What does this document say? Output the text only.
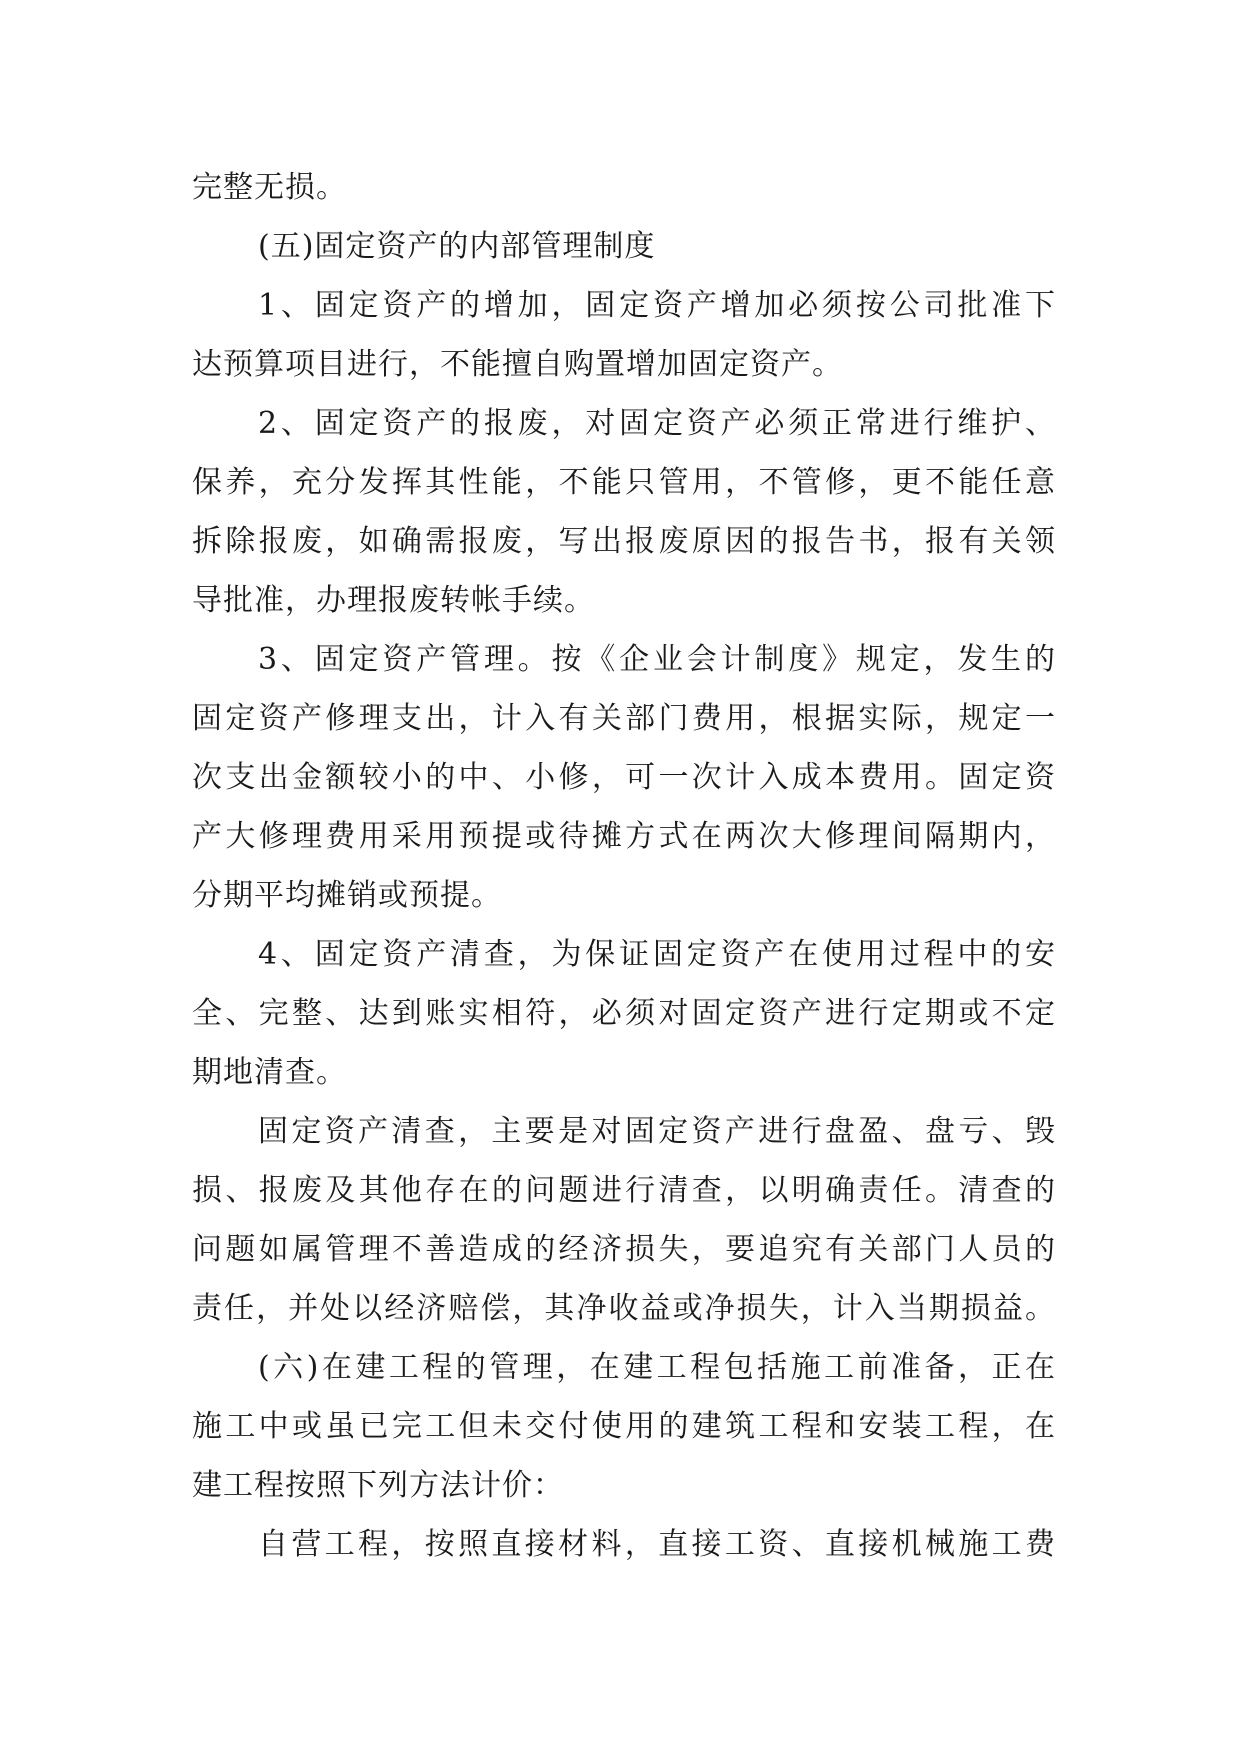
完整无损。
(五)固定资产的内部管理制度
1、固定资产的增加，固定资产增加必须按公司批准下
达预算项目进行，不能擅自购置增加固定资产。
2、固定资产的报废，对固定资产必须正常进行维护、
保养，充分发挥其性能，不能只管用，不管修，更不能任意
拆除报废，如确需报废，写出报废原因的报告书，报有关领
导批准，办理报废转帐手续。
3、固定资产管理。按《企业会计制度》规定，发生的
固定资产修理支出，计入有关部门费用，根据实际，规定一
次支出金额较小的中、小修，可一次计入成本费用。固定资
产大修理费用采用预提或待摊方式在两次大修理间隔期内，
分期平均摊销或预提。
4、固定资产清查，为保证固定资产在使用过程中的安
全、完整、达到账实相符，必须对固定资产进行定期或不定
期地清查。
固定资产清查，主要是对固定资产进行盘盈、盘亏、毁
损、报废及其他存在的问题进行清查，以明确责任。清查的
问题如属管理不善造成的经济损失，要追究有关部门人员的
责任，并处以经济赔偿，其净收益或净损失，计入当期损益。
(六)在建工程的管理，在建工程包括施工前准备，正在
施工中或虽已完工但未交付使用的建筑工程和安装工程，在
建工程按照下列方法计价：
自营工程，按照直接材料，直接工资、直接机械施工费
